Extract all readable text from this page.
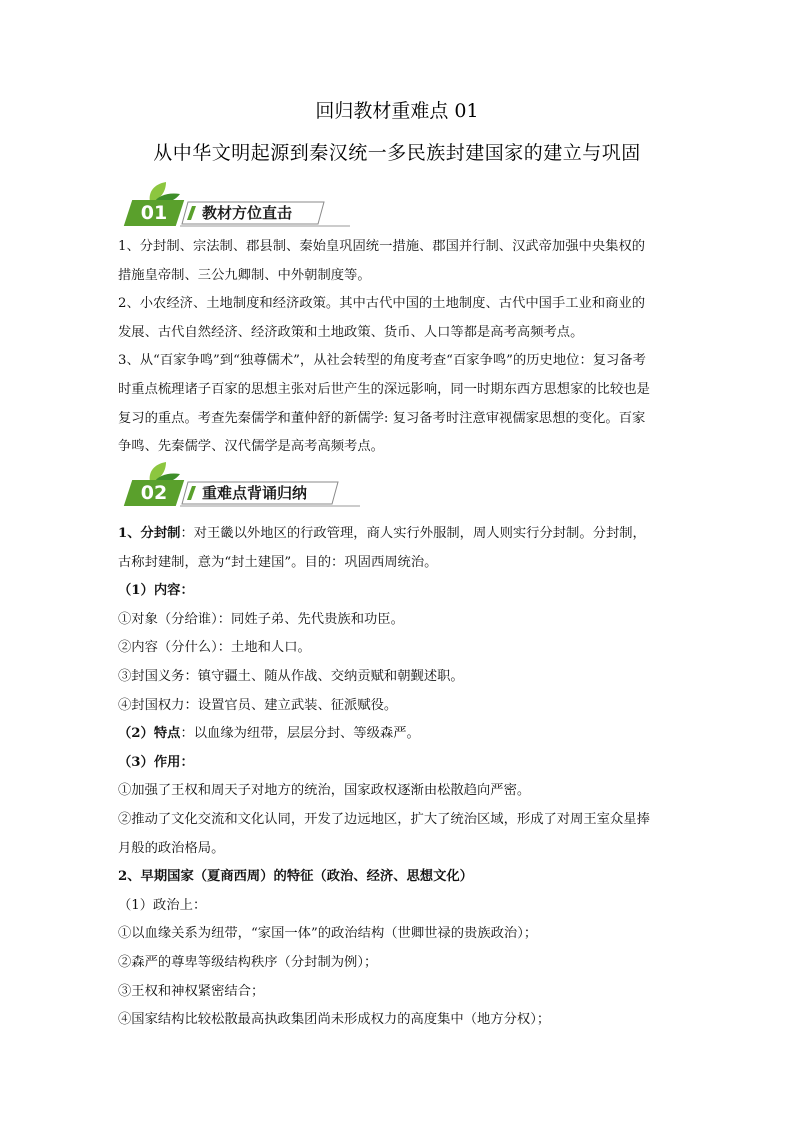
回归教材重难点 01
从中华文明起源到秦汉统一多民族封建国家的建立与巩固
01	教材方位直击

1、分封制、宗法制、郡县制、秦始皇巩固统一措施、郡国并行制、汉武帝加强中央集权的

措施皇帝制、三公九卿制、中外朝制度等。

2、小农经济、土地制度和经济政策。其中古代中国的土地制度、古代中国手工业和商业的

发展、古代自然经济、经济政策和土地政策、货币、人口等都是高考高频考点。

3、从“百家争鸣”到“独尊儒术”，从社会转型的角度考查“百家争鸣”的历史地位：复习备考

时重点梳理诸子百家的思想主张对后世产生的深远影响，同一时期东西方思想家的比较也是

复习的重点。考查先秦儒学和董仲舒的新儒学: 复习备考时注意审视儒家思想的变化。百家

争鸣、先秦儒学、汉代儒学是高考高频考点。

02	重难点背诵归纳

1、分封制：对王畿以外地区的行政管理，商人实行外服制，周人则实行分封制。分封制，

古称封建制，意为“封土建国”。目的：巩固西周统治。

（1）内容：

①对象（分给谁）：同姓子弟、先代贵族和功臣。

②内容（分什么）：土地和人口。

③封国义务：镇守疆土、随从作战、交纳贡赋和朝觐述职。

④封国权力：设置官员、建立武装、征派赋役。

（2）特点：以血缘为纽带，层层分封、等级森严。

（3）作用：

①加强了王权和周天子对地方的统治，国家政权逐渐由松散趋向严密。

②推动了文化交流和文化认同，开发了边远地区，扩大了统治区域，形成了对周王室众星捧

月般的政治格局。

2、早期国家（夏商西周）的特征（政治、经济、思想文化）

（1）政治上：

①以血缘关系为纽带，“家国一体”的政治结构（世卿世禄的贵族政治）；

②森严的尊卑等级结构秩序（分封制为例）；

③王权和神权紧密结合；

④国家结构比较松散最高执政集团尚未形成权力的高度集中（地方分权）；
